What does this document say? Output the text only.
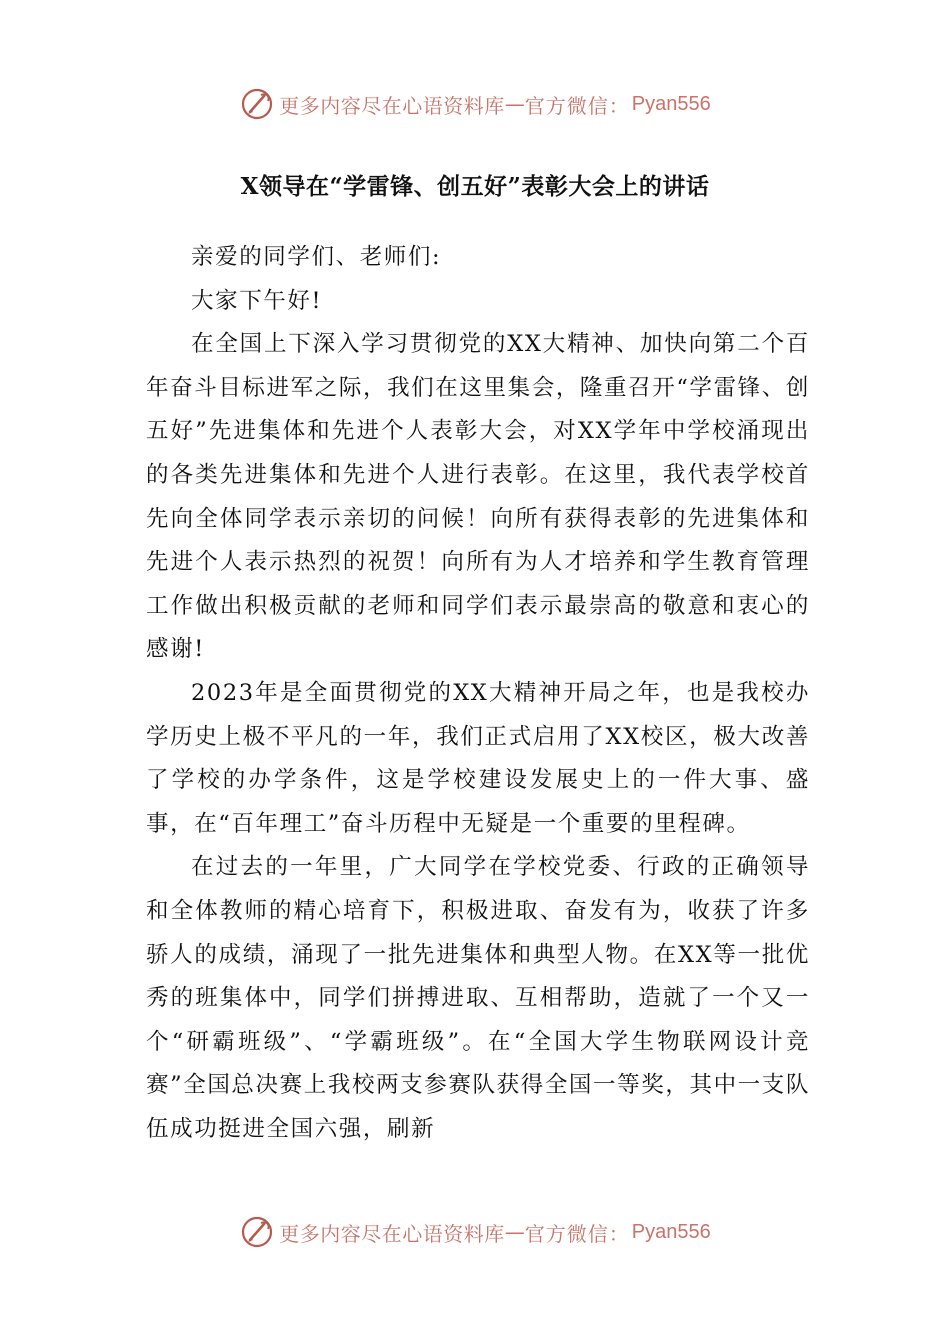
更多内容尽在心语资料库 — 官方微信： Pyan556
X领导在“学雷锋、创五好”表彰大会上的讲话

亲爱的同学们、老师们:

大家下午好!

在全国上下深入学习贯彻党的XX大精神、加快向第二个百年奋斗目标进军之际，我们在这里集会，隆重召开“学雷锋、创五好”先进集体和先进个人表彰大会，对XX学年中学校涌现出的各类先进集体和先进个人进行表彰。在这里，我代表学校首先向全体同学表示亲切的问候！向所有获得表彰的先进集体和先进个人表示热烈的祝贺！向所有为人才培养和学生教育管理工作做出积极贡献的老师和同学们表示最崇高的敬意和衷心的感谢!

2023年是全面贯彻党的XX大精神开局之年，也是我校办学历史上极不平凡的一年，我们正式启用了XX校区，极大改善了学校的办学条件，这是学校建设发展史上的一件大事、盛事，在“百年理工”奋斗历程中无疑是一个重要的里程碑。

在过去的一年里，广大同学在学校党委、行政的正确领导和全体教师的精心培育下，积极进取、奋发有为，收获了许多骄人的成绩，涌现了一批先进集体和典型人物。在XX等一批优秀的班集体中，同学们拼搏进取、互相帮助，造就了一个又一个“研霸班级”、“学霸班级”。在“全国大学生物联网设计竞赛”全国总决赛上我校两支参赛队获得全国一等奖，其中一支队伍成功挺进全国六强，刷新

更多内容尽在心语资料库 — 官方微信： Pyan556
